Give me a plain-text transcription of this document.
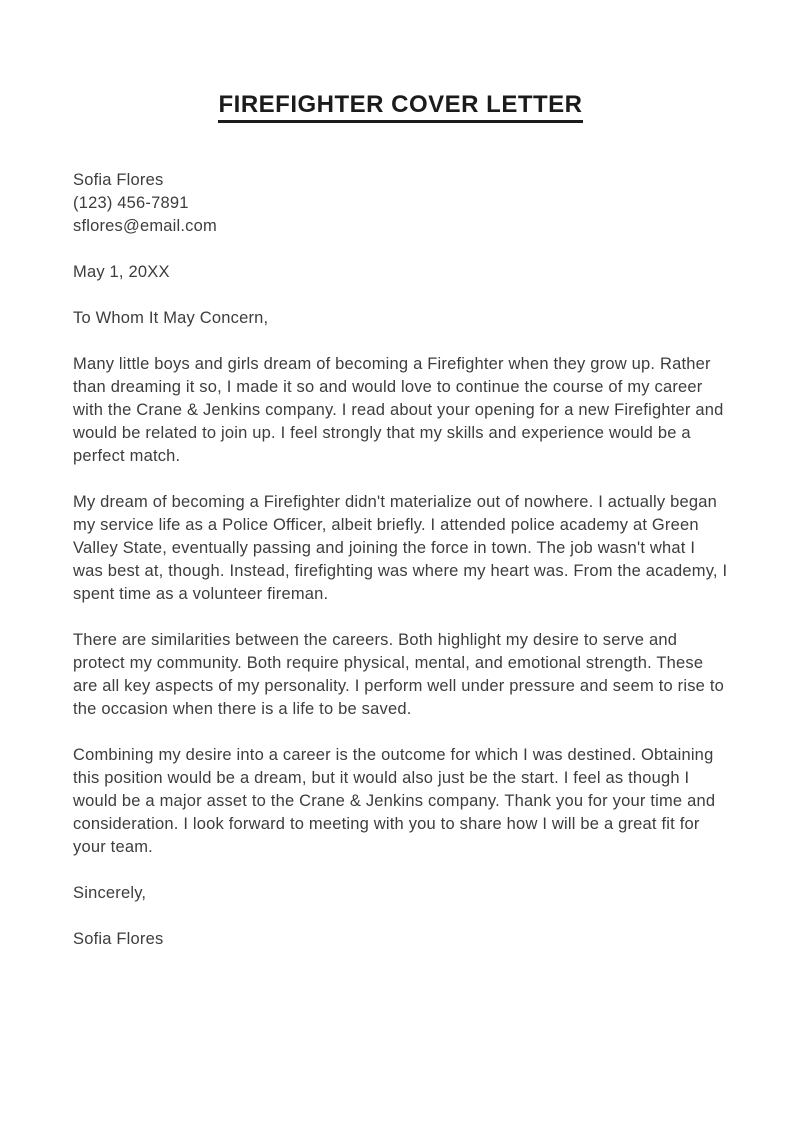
FIREFIGHTER COVER LETTER
Sofia Flores
(123) 456-7891
sflores@email.com
May 1, 20XX
To Whom It May Concern,

Many little boys and girls dream of becoming a Firefighter when they grow up. Rather than dreaming it so, I made it so and would love to continue the course of my career with the Crane & Jenkins company. I read about your opening for a new Firefighter and would be related to join up. I feel strongly that my skills and experience would be a perfect match.

My dream of becoming a Firefighter didn't materialize out of nowhere. I actually began my service life as a Police Officer, albeit briefly. I attended police academy at Green Valley State, eventually passing and joining the force in town. The job wasn't what I was best at, though. Instead, firefighting was where my heart was. From the academy, I spent time as a volunteer fireman.

There are similarities between the careers. Both highlight my desire to serve and protect my community. Both require physical, mental, and emotional strength. These are all key aspects of my personality. I perform well under pressure and seem to rise to the occasion when there is a life to be saved.

Combining my desire into a career is the outcome for which I was destined. Obtaining this position would be a dream, but it would also just be the start. I feel as though I would be a major asset to the Crane & Jenkins company. Thank you for your time and consideration. I look forward to meeting with you to share how I will be a great fit for your team.

Sincerely,
Sofia Flores
